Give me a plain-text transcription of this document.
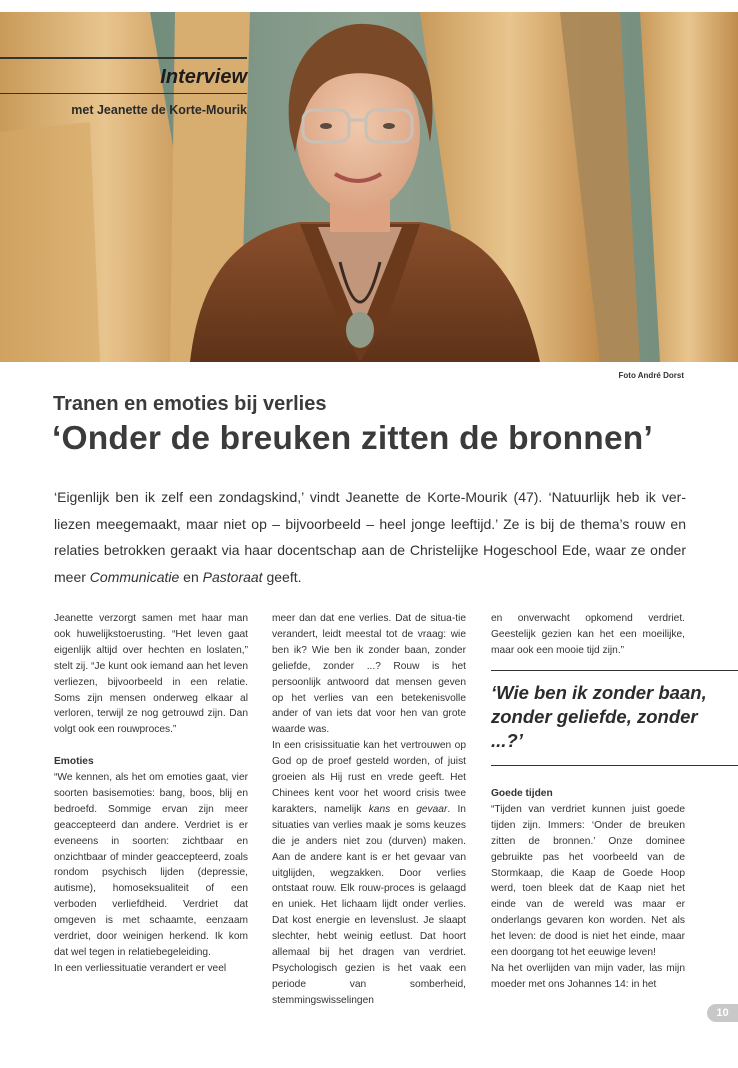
Interview
met Jeanette de Korte-Mourik
Foto André Dorst
Tranen en emoties bij verlies
‘Onder de breuken zitten de bronnen’
‘Eigenlijk ben ik zelf een zondagskind,’ vindt Jeanette de Korte-Mourik (47). ‘Natuurlijk heb ik ver-liezen meegemaakt, maar niet op – bijvoorbeeld – heel jonge leeftijd.’ Ze is bij de thema’s rouw en relaties betrokken geraakt via haar docentschap aan de Christelijke Hogeschool Ede, waar ze onder meer Communicatie en Pastoraat geeft.

Jeanette verzorgt samen met haar man ook huwelijkstoerusting. “Het leven gaat eigenlijk altijd over hechten en loslaten,” stelt zij. “Je kunt ook iemand aan het leven verliezen, bijvoorbeeld in een relatie. Soms zijn mensen onderweg elkaar al verloren, terwijl ze nog getrouwd zijn. Dan volgt ook een rouwproces.”

Emoties

“We kennen, als het om emoties gaat, vier soorten basisemoties: bang, boos, blij en bedroefd. Sommige ervan zijn meer geaccepteerd dan andere. Verdriet is er eveneens in soorten: zichtbaar en onzichtbaar of minder geaccepteerd, zoals rondom psychisch lijden (depressie, autisme), homoseksualiteit of een verboden verliefdheid. Verdriet dat omgeven is met schaamte, eenzaam verdriet, door weinigen herkend. Ik kom dat wel tegen in relatiebegeleiding.

In een verliessituatie verandert er veel

meer dan dat ene verlies. Dat de situa-tie verandert, leidt meestal tot de vraag: wie ben ik? Wie ben ik zonder baan, zonder geliefde, zonder ...? Rouw is het persoonlijk antwoord dat mensen geven op het verlies van een betekenisvolle ander of van iets dat voor hen van grote waarde was.

In een crisissituatie kan het vertrouwen op God op de proef gesteld worden, of juist groeien als Hij rust en vrede geeft. Het Chinees kent voor het woord crisis twee karakters, namelijk kans en gevaar. In situaties van verlies maak je soms keuzes die je anders niet zou (durven) maken. Aan de andere kant is er het gevaar van uitglijden, wegzakken. Door verlies ontstaat rouw. Elk rouw-proces is gelaagd en uniek. Het lichaam lijdt onder verlies. Dat kost energie en levenslust. Je slaapt slechter, hebt weinig eetlust. Dat hoort allemaal bij het dragen van verdriet. Psychologisch gezien is het vaak een periode van somberheid, stemmingswisselingen

en onverwacht opkomend verdriet. Geestelijk gezien kan het een moeilijke, maar ook een mooie tijd zijn.”

‘Wie ben ik zonder baan, zonder geliefde, zonder ...?’
Goede tijden

“Tijden van verdriet kunnen juist goede tijden zijn. Immers: ‘Onder de breuken zitten de bronnen.’ Onze dominee gebruikte pas het voorbeeld van de Stormkaap, die Kaap de Goede Hoop werd, toen bleek dat de Kaap niet het einde van de wereld was maar er onderlangs gevaren kon worden. Net als het leven: de dood is niet het einde, maar een doorgang tot het eeuwige leven!

Na het overlijden van mijn vader, las mijn moeder met ons Johannes 14: in het

10
